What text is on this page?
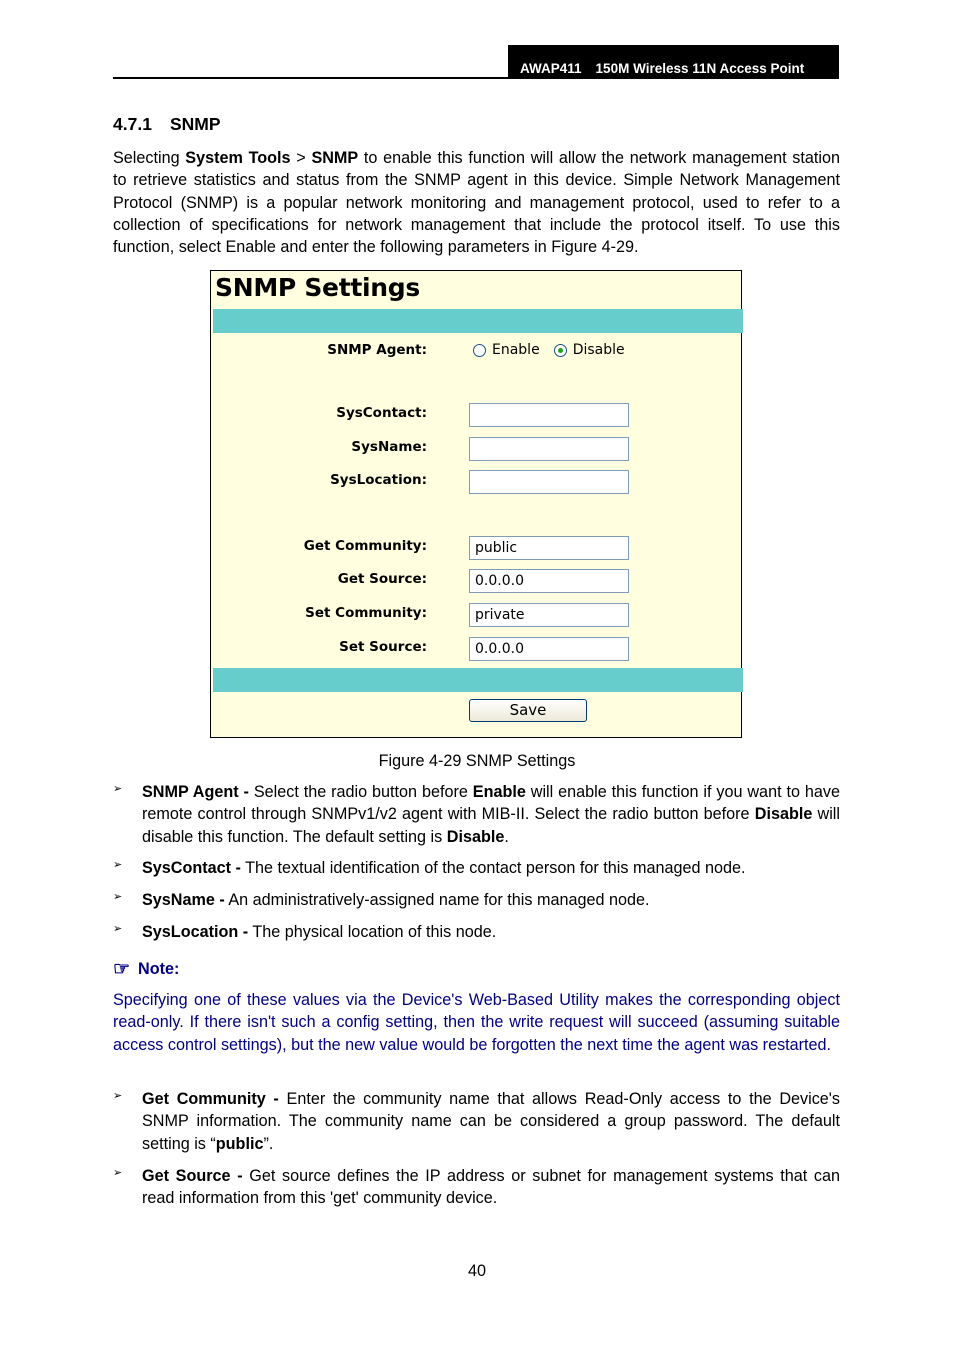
AWAP411 150M Wireless 11N Access Point
4.7.1 SNMP
Selecting System Tools > SNMP to enable this function will allow the network management station to retrieve statistics and status from the SNMP agent in this device. Simple Network Management Protocol (SNMP) is a popular network monitoring and management protocol, used to refer to a collection of specifications for network management that include the protocol itself. To use this function, select Enable and enter the following parameters in Figure 4-29.
SNMP Settings
SNMP Agent:	Enable Disable
SysContact:
SysName:
SysLocation:
Get Community:	public
Get Source:	0.0.0.0
Set Community:	private
Set Source:	0.0.0.0
Save
Figure 4-29 SNMP Settings
➢ SNMP Agent - Select the radio button before Enable will enable this function if you want to have remote control through SNMPv1/v2 agent with MIB-II. Select the radio button before Disable will disable this function. The default setting is Disable.
➢ SysContact - The textual identification of the contact person for this managed node.
➢ SysName - An administratively-assigned name for this managed node.
➢ SysLocation - The physical location of this node.
☞ Note:
Specifying one of these values via the Device's Web-Based Utility makes the corresponding object read-only. If there isn't such a config setting, then the write request will succeed (assuming suitable access control settings), but the new value would be forgotten the next time the agent was restarted.
➢ Get Community - Enter the community name that allows Read-Only access to the Device's SNMP information. The community name can be considered a group password. The default setting is “public”.
➢ Get Source - Get source defines the IP address or subnet for management systems that can read information from this 'get' community device.
40
